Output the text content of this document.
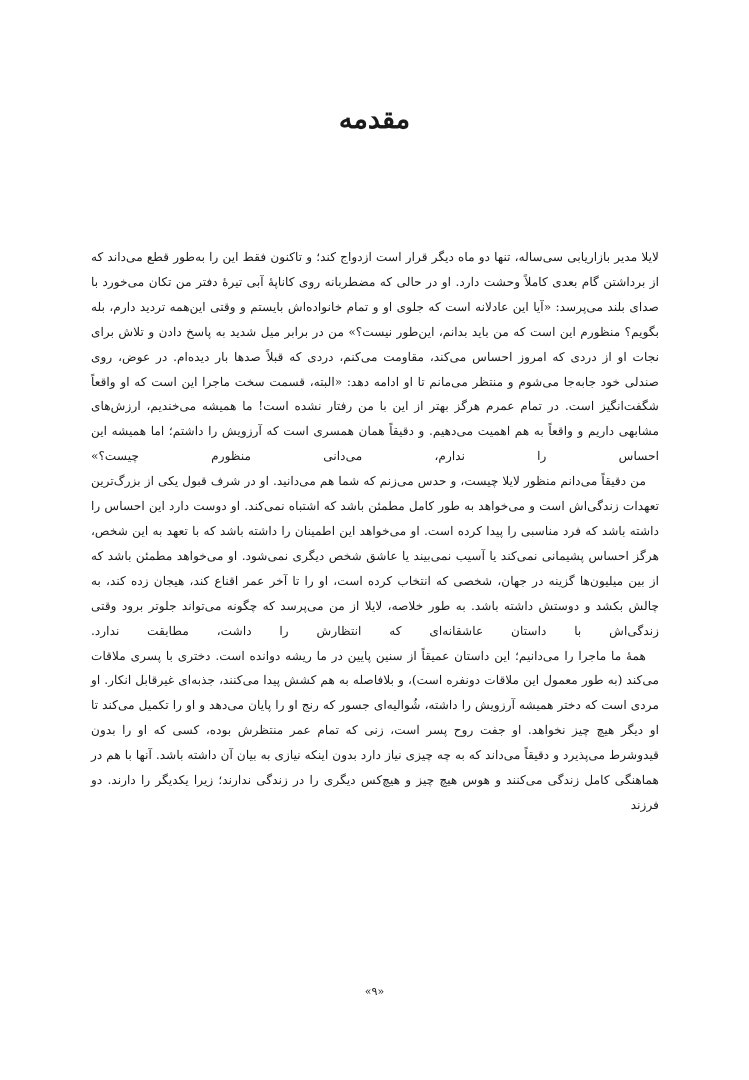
مقدمه

لایلا مدیر بازاریابی سی‌ساله، تنها دو ماه دیگر قرار است ازدواج کند؛ و تاکنون فقط این را به‌طور قطع می‌داند که از برداشتن گام بعدی کاملاً وحشت دارد. او در حالی که مضطربانه روی کاناپهٔ آبی تیرهٔ دفتر من تکان می‌خورد با صدای بلند می‌پرسد: «آیا این عادلانه است که جلوی او و تمام خانواده‌اش بایستم و وقتی این‌همه تردید دارم، بله بگویم؟ منظورم این است که من باید بدانم، این‌طور نیست؟» من در برابر میل شدید به پاسخ دادن و تلاش برای نجات او از دردی که امروز احساس می‌کند، مقاومت می‌کنم، دردی که قبلاً صدها بار دیده‌ام. در عوض، روی صندلی خود جابه‌جا می‌شوم و منتظر می‌مانم تا او ادامه دهد: «البته، قسمت سخت ماجرا این است که او واقعاً شگفت‌انگیز است. در تمام عمرم هرگز بهتر از این با من رفتار نشده است! ما همیشه می‌خندیم، ارزش‌های مشابهی داریم و واقعاً به هم اهمیت می‌دهیم. و دقیقاً همان همسری است که آرزویش را داشتم؛ اما همیشه این احساس را ندارم، می‌دانی منظورم چیست؟»

من دقیقاً می‌دانم منظور لایلا چیست، و حدس می‌زنم که شما هم می‌دانید. او در شرف قبول یکی از بزرگ‌ترین تعهدات زندگی‌اش است و می‌خواهد به طور کامل مطمئن باشد که اشتباه نمی‌کند. او دوست دارد این احساس را داشته باشد که فرد مناسبی را پیدا کرده است. او می‌خواهد این اطمینان را داشته باشد که با تعهد به این شخص، هرگز احساس پشیمانی نمی‌کند یا آسیب نمی‌بیند یا عاشق شخص دیگری نمی‌شود. او می‌خواهد مطمئن باشد که از بین میلیون‌ها گزینه در جهان، شخصی که انتخاب کرده است، او را تا آخر عمر اقناع کند، هیجان زده کند، به چالش بکشد و دوستش داشته باشد. به طور خلاصه، لایلا از من می‌پرسد که چگونه می‌تواند جلوتر برود وقتی زندگی‌اش با داستان عاشقانه‌ای که انتظارش را داشت، مطابقت ندارد.

همهٔ ما ماجرا را می‌دانیم؛ این داستان عمیقاً از سنین پایین در ما ریشه دوانده است. دختری با پسری ملاقات می‌کند (به طور معمول این ملاقات دونفره است)، و بلافاصله به هم کشش پیدا می‌کنند، جذبه‌ای غیرقابل انکار. او مردی است که دختر همیشه آرزویش را داشته، شُوالیه‌ای جسور که رنج او را پایان می‌دهد و او را تکمیل می‌کند تا او دیگر هیچ چیز نخواهد. او جفت روح پسر است، زنی که تمام عمر منتظرش بوده، کسی که او را بدون قیدوشرط می‌پذیرد و دقیقاً می‌داند که به چه چیزی نیاز دارد بدون اینکه نیازی به بیان آن داشته باشد. آنها با هم در هماهنگی کامل زندگی می‌کنند و هوس هیچ چیز و هیچ‌کس دیگری را در زندگی ندارند؛ زیرا یکدیگر را دارند. دو فرزند

«۹»
